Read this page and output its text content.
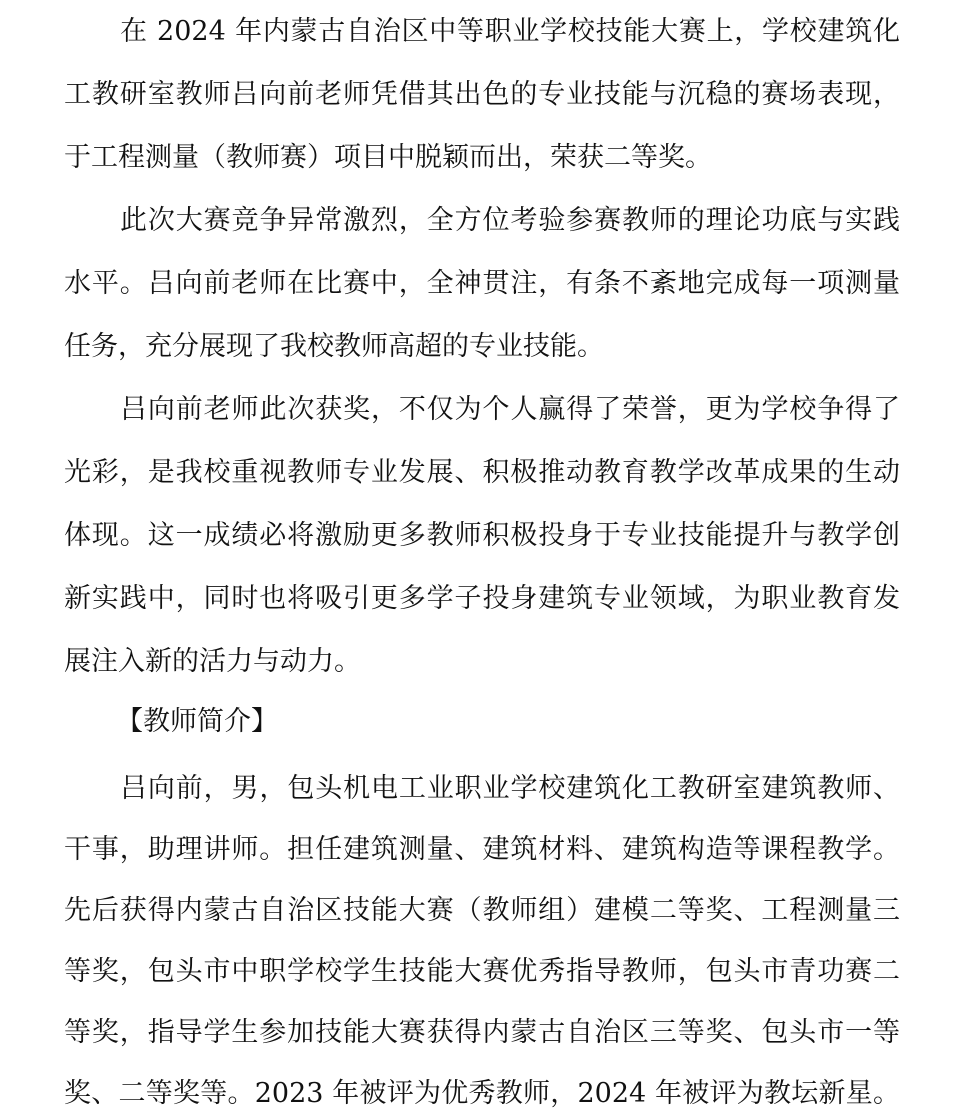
在 2024 年内蒙古自治区中等职业学校技能大赛上，学校建筑化
工教研室教师吕向前老师凭借其出色的专业技能与沉稳的赛场表现，
于工程测量（教师赛）项目中脱颖而出，荣获二等奖。
此次大赛竞争异常激烈，全方位考验参赛教师的理论功底与实践
水平。吕向前老师在比赛中，全神贯注，有条不紊地完成每一项测量
任务，充分展现了我校教师高超的专业技能。
吕向前老师此次获奖，不仅为个人赢得了荣誉，更为学校争得了
光彩，是我校重视教师专业发展、积极推动教育教学改革成果的生动
体现。这一成绩必将激励更多教师积极投身于专业技能提升与教学创
新实践中，同时也将吸引更多学子投身建筑专业领域，为职业教育发
展注入新的活力与动力。
【教师简介】
吕向前，男，包头机电工业职业学校建筑化工教研室建筑教师、
干事，助理讲师。担任建筑测量、建筑材料、建筑构造等课程教学。
先后获得内蒙古自治区技能大赛（教师组）建模二等奖、工程测量三
等奖，包头市中职学校学生技能大赛优秀指导教师，包头市青功赛二
等奖，指导学生参加技能大赛获得内蒙古自治区三等奖、包头市一等
奖、二等奖等。2023 年被评为优秀教师，2024 年被评为教坛新星。
